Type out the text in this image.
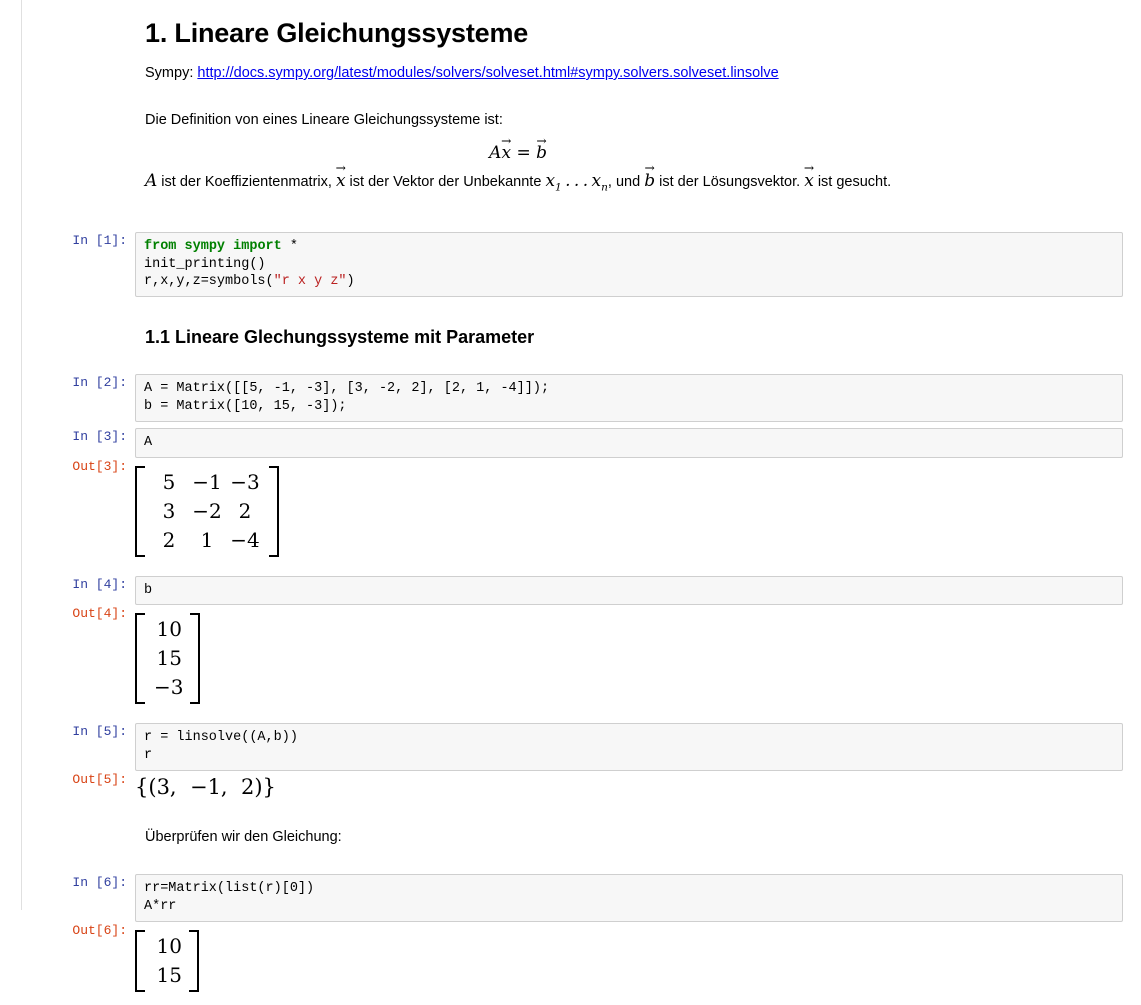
1. Lineare Gleichungssysteme

Sympy: http://docs.sympy.org/latest/modules/solvers/solveset.html#sympy.solvers.solveset.linsolve

Die Definition von eines Lineare Gleichungssysteme ist:

Ax → = b →

A ist der Koeffizientenmatrix, x → ist der Vektor der Unbekannte $x_1$ . . . $x_n$, und b → ist der Lösungsvektor. x → ist gesucht.

In [1]:	from sympy import *
init_printing()
r,x,y,z=symbols("r x y z")
1.1 Lineare Glechungssysteme mit Parameter
In [2]:	A = Matrix([[5, -1, -3], [3, -2, 2], [2, 1, -4]]);
b = Matrix([10, 15, -3]);
In [3]:	A
Out[3]:
5 −1 −3
3 −2 2
2	1 −4
In [4]:	b
Out[4]:
10
15
−3
In [5]:	r = linsolve((A,b))
r
Out[5]: {(3, −1, 2)}

Überprüfen wir den Gleichung:

In [6]:	rr=Matrix(list(r)[0])
A*rr
Out[6]:
10
15
